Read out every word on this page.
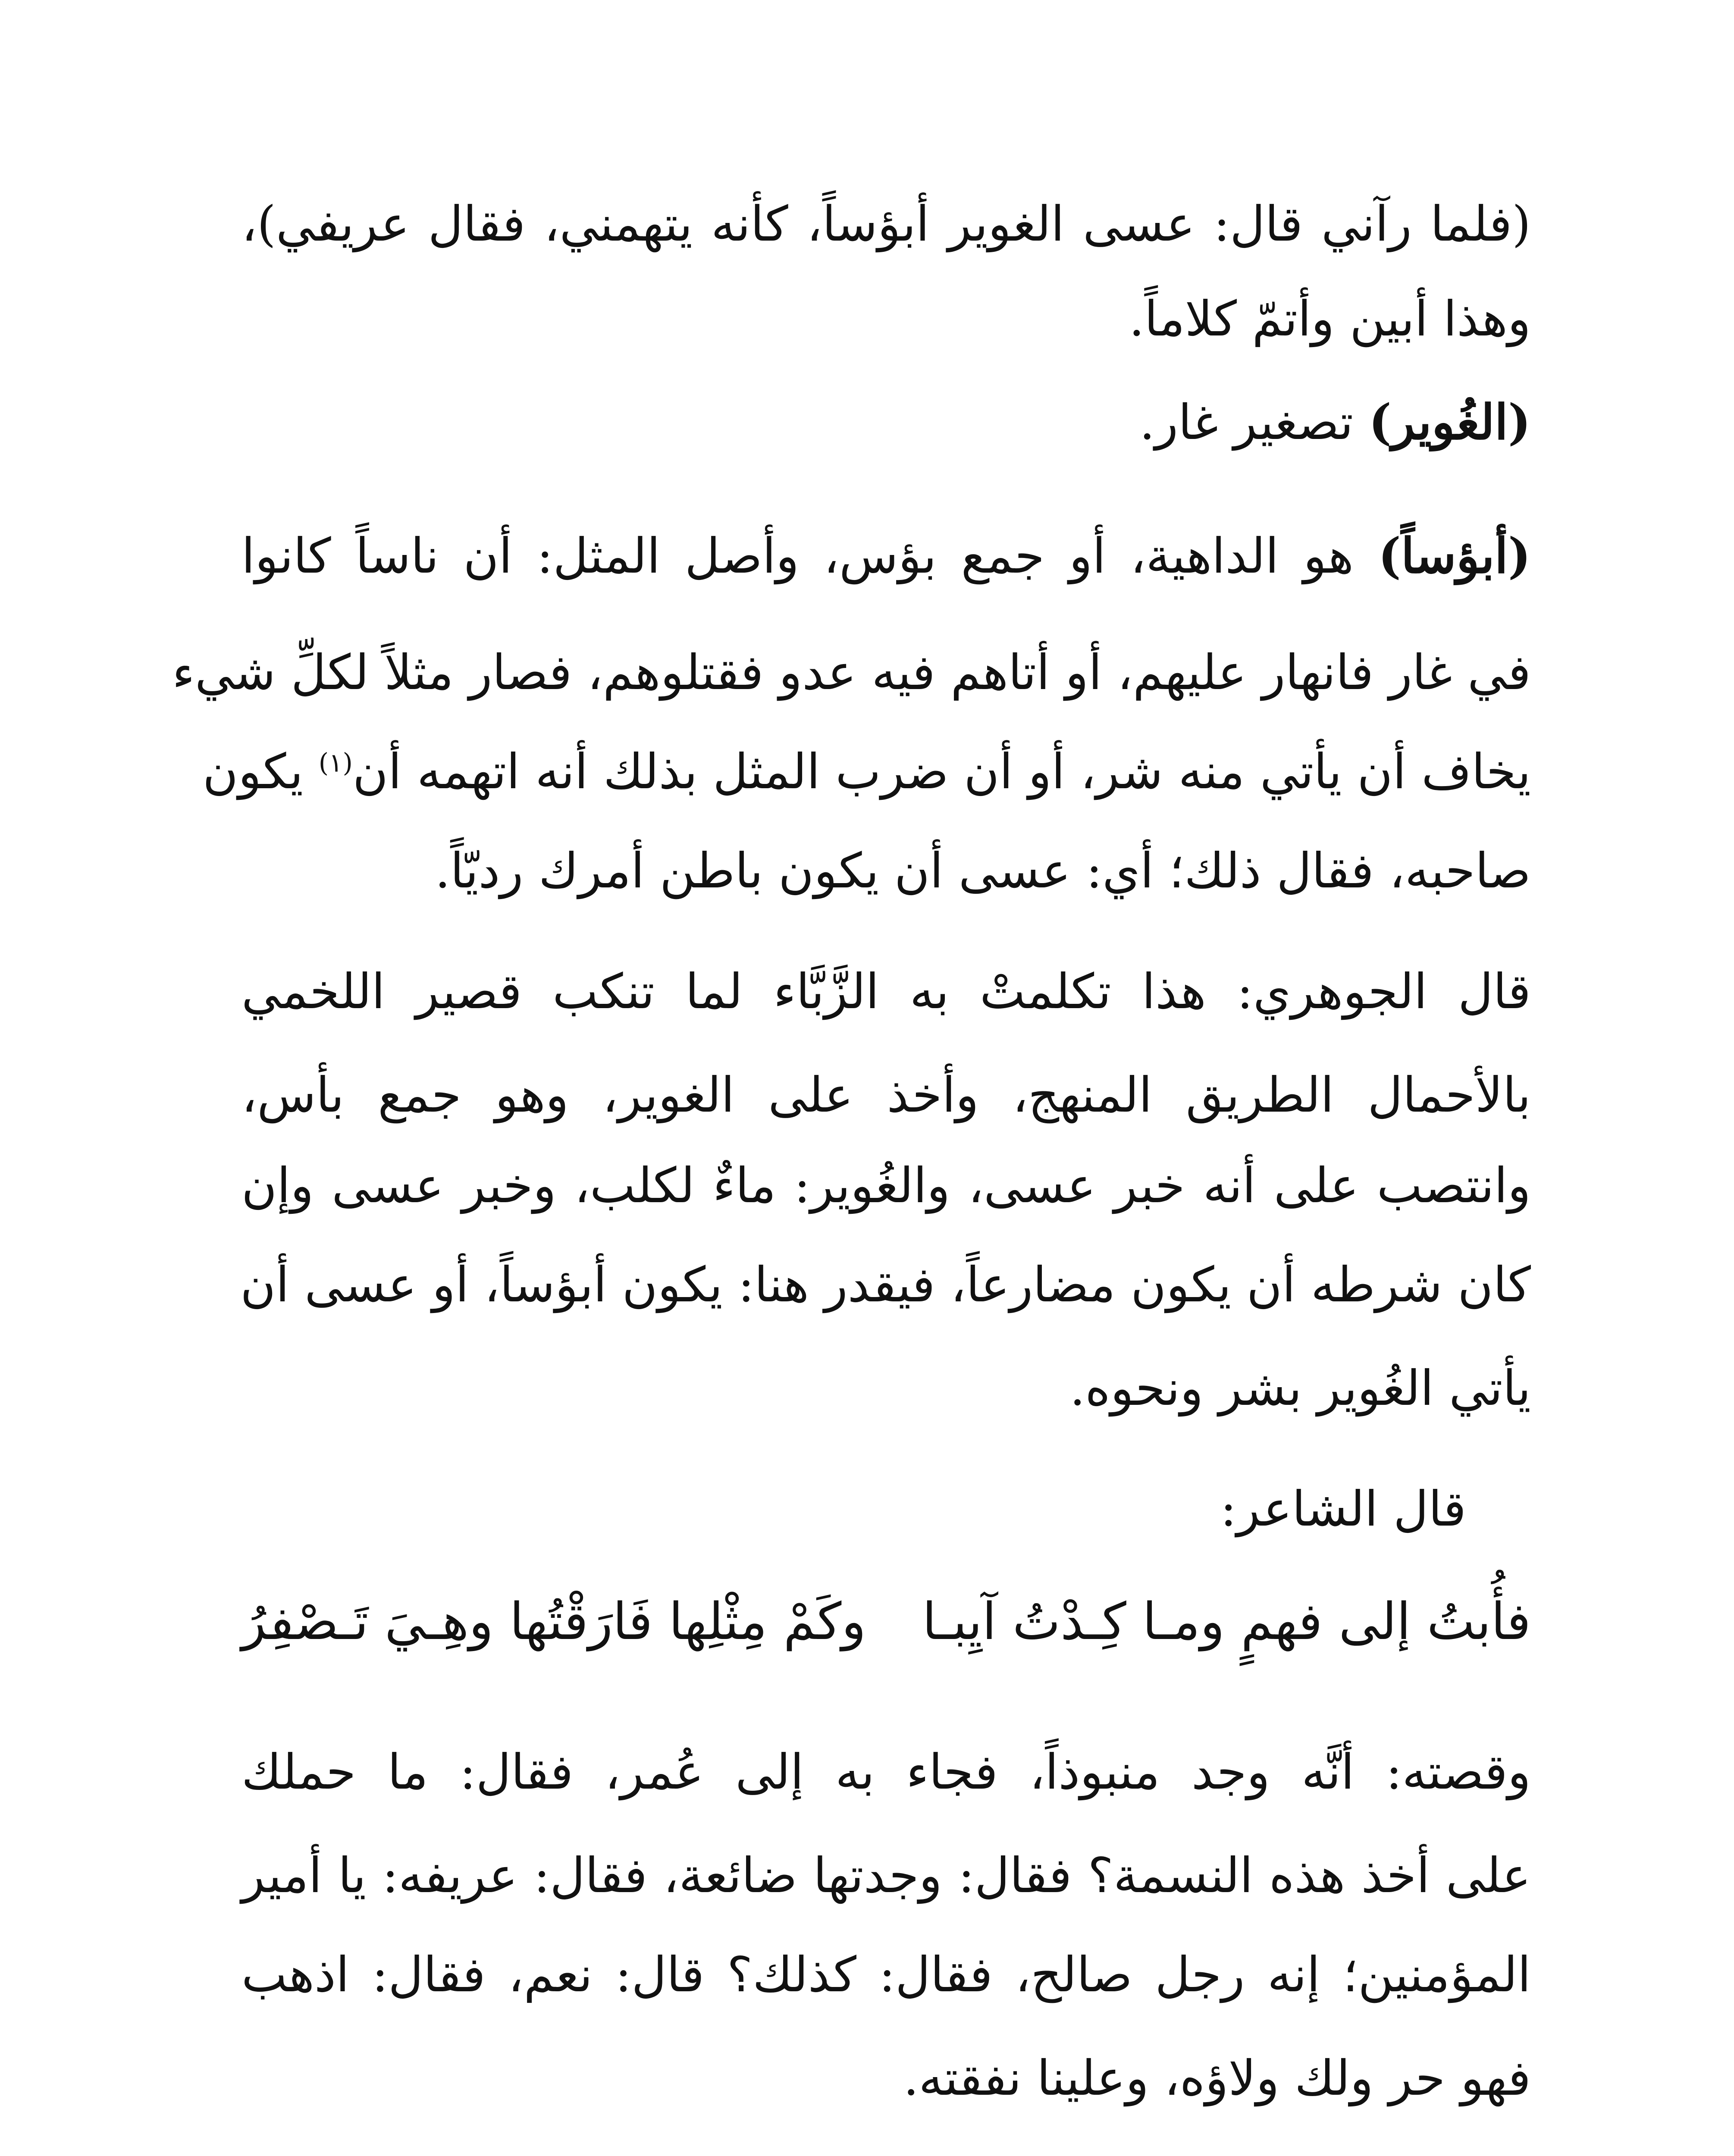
(فلما رآني قال: عسى الغوير أبؤساً، كأنه يتهمني، فقال عريفي)،
وهذا أبين وأتمّ كلاماً.
(الغُوير) تصغير غار.
(أبؤساً) هو الداهية، أو جمع بؤس، وأصل المثل: أن ناساً كانوا
في غار فانهار عليهم، أو أتاهم فيه عدو فقتلوهم، فصار مثلاً لكلِّ شيء
يخاف أن يأتي منه شر، أو أن ضرب المثل بذلك أنه اتهمه أن$^{(١)}$ يكون
صاحبه، فقال ذلك؛ أي: عسى أن يكون باطن أمرك رديّاً.
قال الجوهري: هذا تكلمتْ به الزَّبَّاء لما تنكب قصير اللخمي
بالأحمال الطريق المنهج، وأخذ على الغوير، وهو جمع بأس،
وانتصب على أنه خبر عسى، والغُوير: ماءٌ لكلب، وخبر عسى وإن
كان شرطه أن يكون مضارعاً، فيقدر هنا: يكون أبؤساً، أو عسى أن
يأتي الغُوير بشر ونحوه.
قال الشاعر:
فأُبتُ إلى فهمٍ ومـا كِـدْتُ آيِبـا
وكَمْ مِثْلِها فَارَقْتُها وهِـيَ تَـصْفِرُ
وقصته: أنَّه وجد منبوذاً، فجاء به إلى عُمر، فقال: ما حملك
على أخذ هذه النسمة؟ فقال: وجدتها ضائعة، فقال: عريفه: يا أمير
المؤمنين؛ إنه رجل صالح، فقال: كذلك؟ قال: نعم، فقال: اذهب
فهو حر ولك ولاؤه، وعلينا نفقته.
